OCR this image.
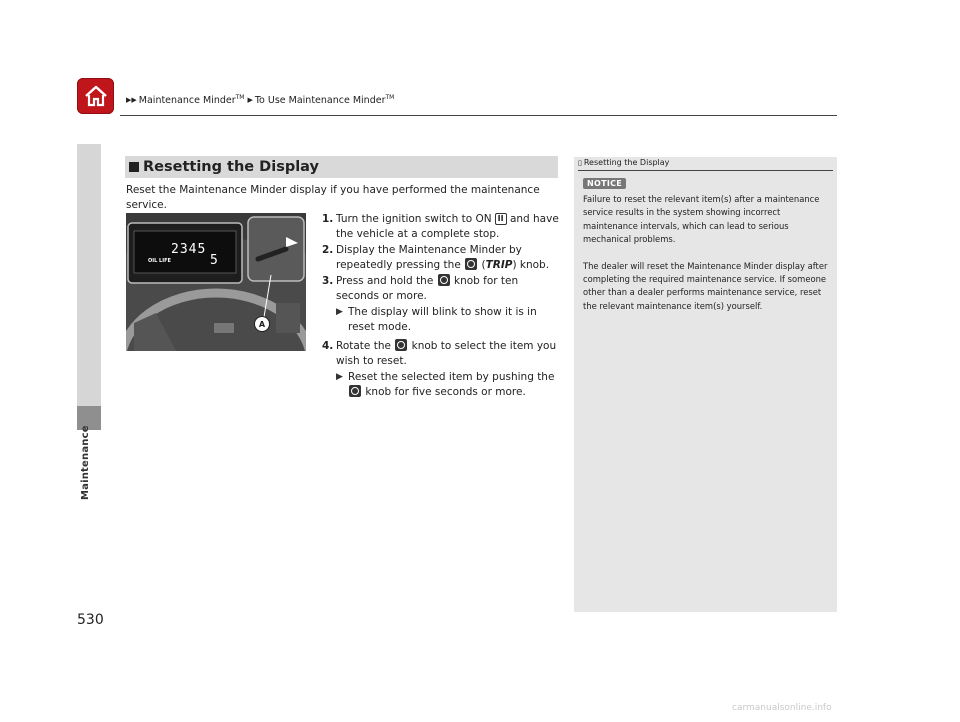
▶▶ Maintenance Minder™ ▶ To Use Maintenance Minder™
Maintenance
Resetting the Display
Reset the Maintenance Minder display if you have performed the maintenance service.
2345
OIL LIFE	5
A
1. Turn the ignition switch to ON II and have the vehicle at a complete stop.
2. Display the Maintenance Minder by repeatedly pressing the (TRIP) knob.
3. Press and hold the knob for ten seconds or more.
▶ The display will blink to show it is in reset mode.
4. Rotate the knob to select the item you wish to reset.
▶ Reset the selected item by pushing the
knob for five seconds or more.
▯ Resetting the Display
NOTICE

Failure to reset the relevant item(s) after a maintenance service results in the system showing incorrect maintenance intervals, which can lead to serious mechanical problems.

The dealer will reset the Maintenance Minder display after completing the required maintenance service. If someone other than a dealer performs maintenance service, reset the relevant maintenance item(s) yourself.

530
carmanualsonline.info
